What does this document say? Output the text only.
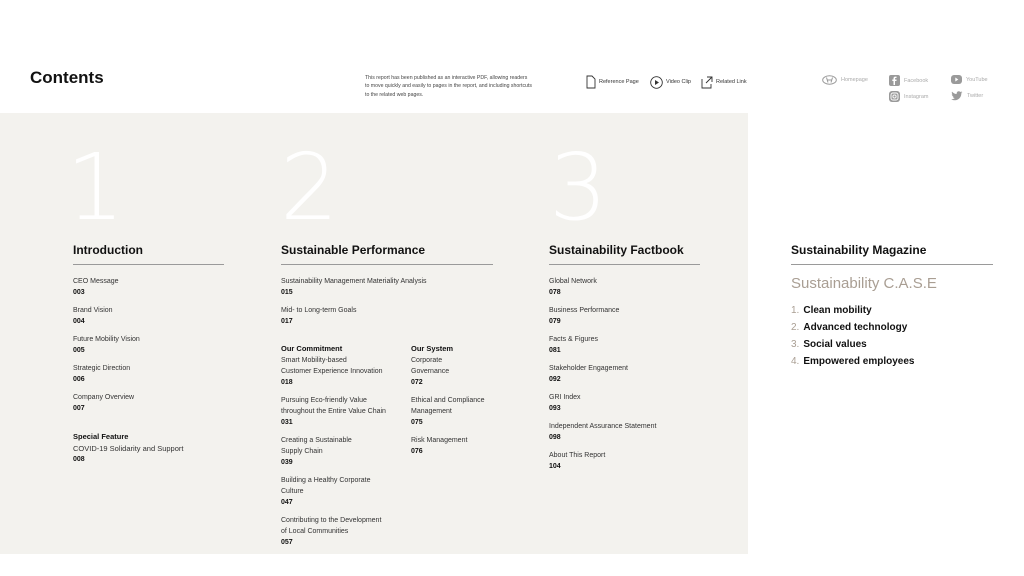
Contents	This report has been published as an interactive PDF, allowing readers
to move quickly and easily to pages in the report, and including shortcuts
to the related web pages.
Reference Page	Video Clip	Related Link	Homepage	Facebook	YouTube
Instagram	Twitter
1 2 3
Introduction	Sustainable Performance	Sustainability Factbook	Sustainability Magazine
CEO Message
003
Brand Vision
004
Future Mobility Vision
005
Strategic Direction
006
Company Overview
007
Special Feature
COVID-19 Solidarity and Support
008
Sustainability Management Materiality Analysis
015
Mid- to Long-term Goals
017
Our Commitment
Smart Mobility-based
Customer Experience Innovation
018
Pursuing Eco-friendly Value
throughout the Entire Value Chain
031
Creating a Sustainable
Supply Chain
039
Building a Healthy Corporate
Culture
047
Contributing to the Development
of Local Communities
057
Our System
Corporate
Governance
072
Ethical and Compliance
Management
075
Risk Management
076
Global Network
078
Business Performance
079
Facts & Figures
081
Stakeholder Engagement
092
GRI Index
093
Independent Assurance Statement
098
About This Report
104
Sustainability C.A.S.E
1. Clean mobility
2. Advanced technology
3. Social values
4. Empowered employees
